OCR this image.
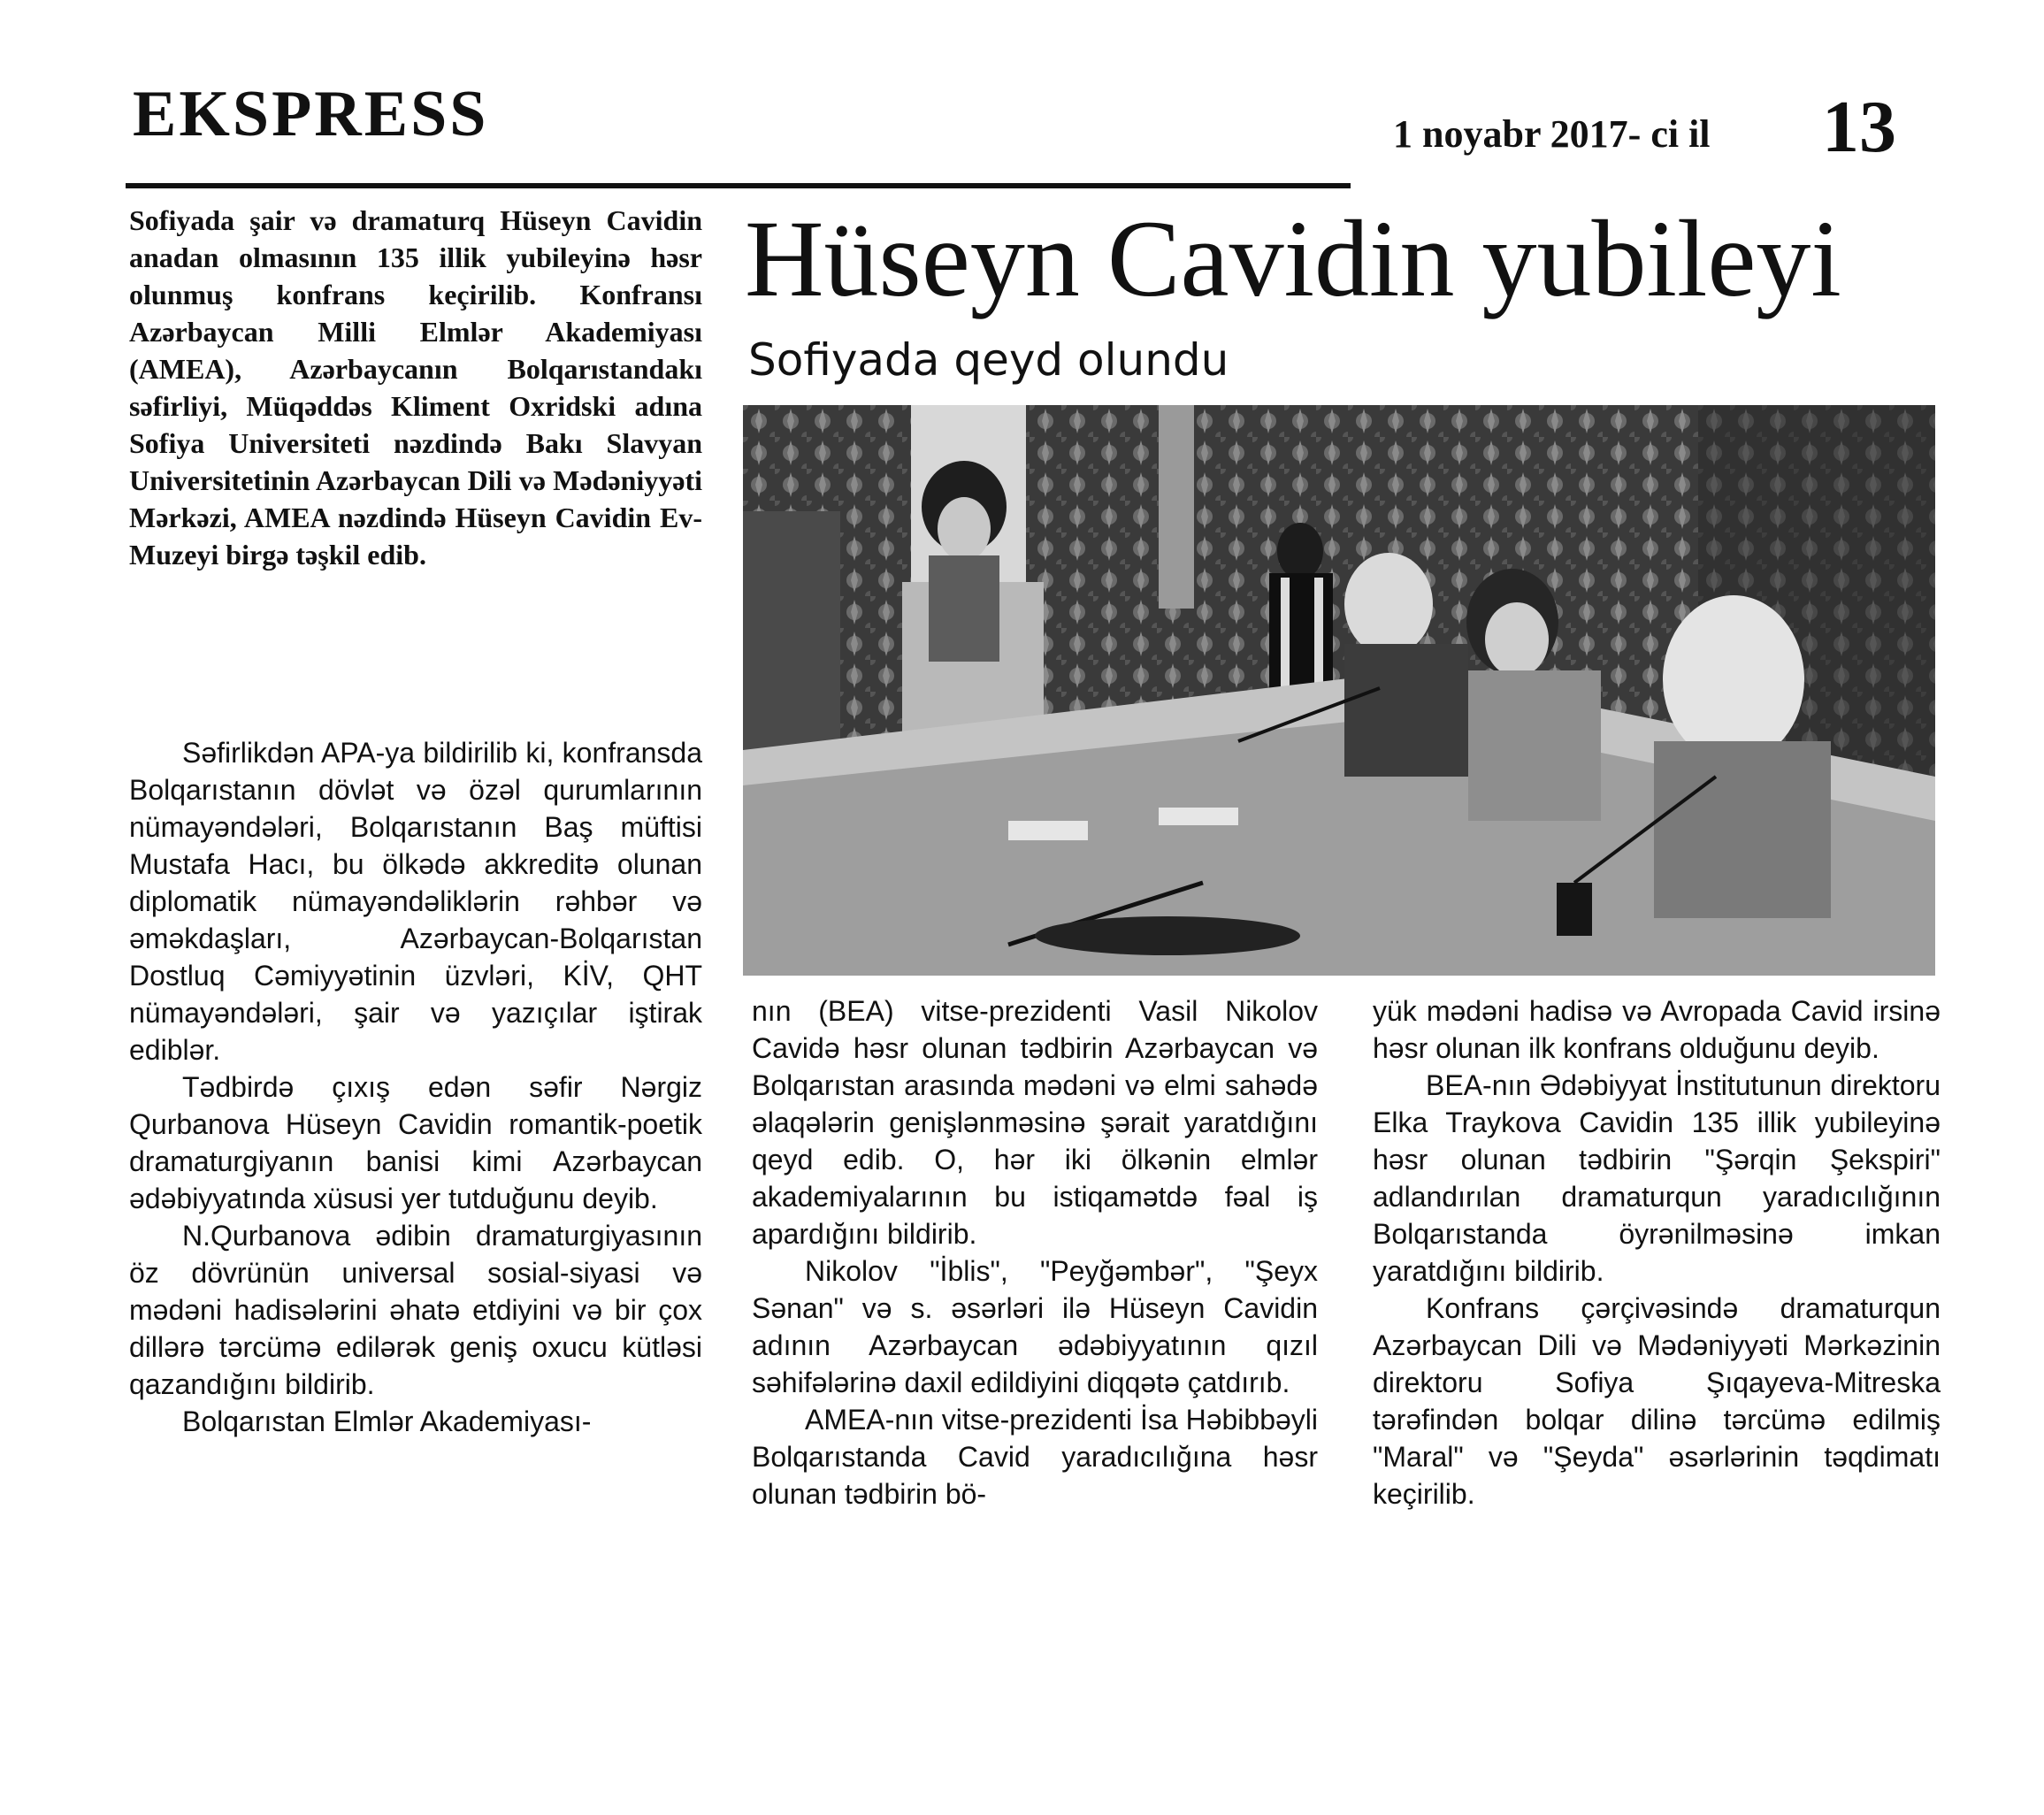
EKSPRESS	1 noyabr 2017- ci il 13
Hüseyn Cavidin yubileyi
Sofiyada qeyd olundu
Sofiyada şair və dramaturq Hüseyn Cavidin anadan olmasının 135 illik yubileyinə həsr olunmuş konfrans keçirilib. Konfransı Azərbaycan Milli Elmlər Akademiyası (AMEA), Azərbaycanın Bolqarıstandakı səfirliyi, Müqəddəs Kliment Oxridski adına Sofiya Universiteti nəzdində Bakı Slavyan Universitetinin Azərbaycan Dili və Mədəniyyəti Mərkəzi, AMEA nəzdində Hüseyn Cavidin Ev-Muzeyi birgə təşkil edib.

Səfirlikdən APA-ya bildirilib ki, konfransda Bolqarıstanın dövlət və özəl qurumlarının nümayəndələri, Bolqarıstanın Baş müftisi Mustafa Hacı, bu ölkədə akkreditə olunan diplomatik nümayəndəliklərin rəhbər və əməkdaşları, Azərbaycan-Bolqarıstan Dostluq Cəmiyyətinin üzvləri, KİV, QHT nümayəndələri, şair və yazıçılar iştirak ediblər.

Tədbirdə çıxış edən səfir Nərgiz Qurbanova Hüseyn Cavidin romantik-poetik dramaturgiyanın banisi kimi Azərbaycan ədəbiyyatında xüsusi yer tutduğunu deyib.

N.Qurbanova ədibin dramaturgiyasının öz dövrünün universal sosial-siyasi və mədəni hadisələrini əhatə etdiyini və bir çox dillərə tərcümə edilərək geniş oxucu kütləsi qazandığını bildirib.

Bolqarıstan Elmlər Akademiyası-

nın (BEA) vitse-prezidenti Vasil Nikolov Cavidə həsr olunan tədbirin Azərbaycan və Bolqarıstan arasında mədəni və elmi sahədə əlaqələrin genişlənməsinə şərait yaratdığını qeyd edib. O, hər iki ölkənin elmlər akademiyalarının bu istiqamətdə fəal iş apardığını bildirib.

Nikolov "İblis", "Peyğəmbər", "Şeyx Sənan" və s. əsərləri ilə Hüseyn Cavidin adının Azərbaycan ədəbiyyatının qızıl səhifələrinə daxil edildiyini diqqətə çatdırıb.

AMEA-nın vitse-prezidenti İsa Həbibbəyli Bolqarıstanda Cavid yaradıcılığına həsr olunan tədbirin bö-

yük mədəni hadisə və Avropada Cavid irsinə həsr olunan ilk konfrans olduğunu deyib.

BEA-nın Ədəbiyyat İnstitutunun direktoru Elka Traykova Cavidin 135 illik yubileyinə həsr olunan tədbirin "Şərqin Şekspiri" adlandırılan dramaturqun yaradıcılığının Bolqarıstanda öyrənilməsinə imkan yaratdığını bildirib.

Konfrans çərçivəsində dramaturqun Azərbaycan Dili və Mədəniyyəti Mərkəzinin direktoru Sofiya Şıqayeva-Mitreska tərəfindən bolqar dilinə tərcümə edilmiş "Maral" və "Şeyda" əsərlərinin təqdimatı keçirilib.
